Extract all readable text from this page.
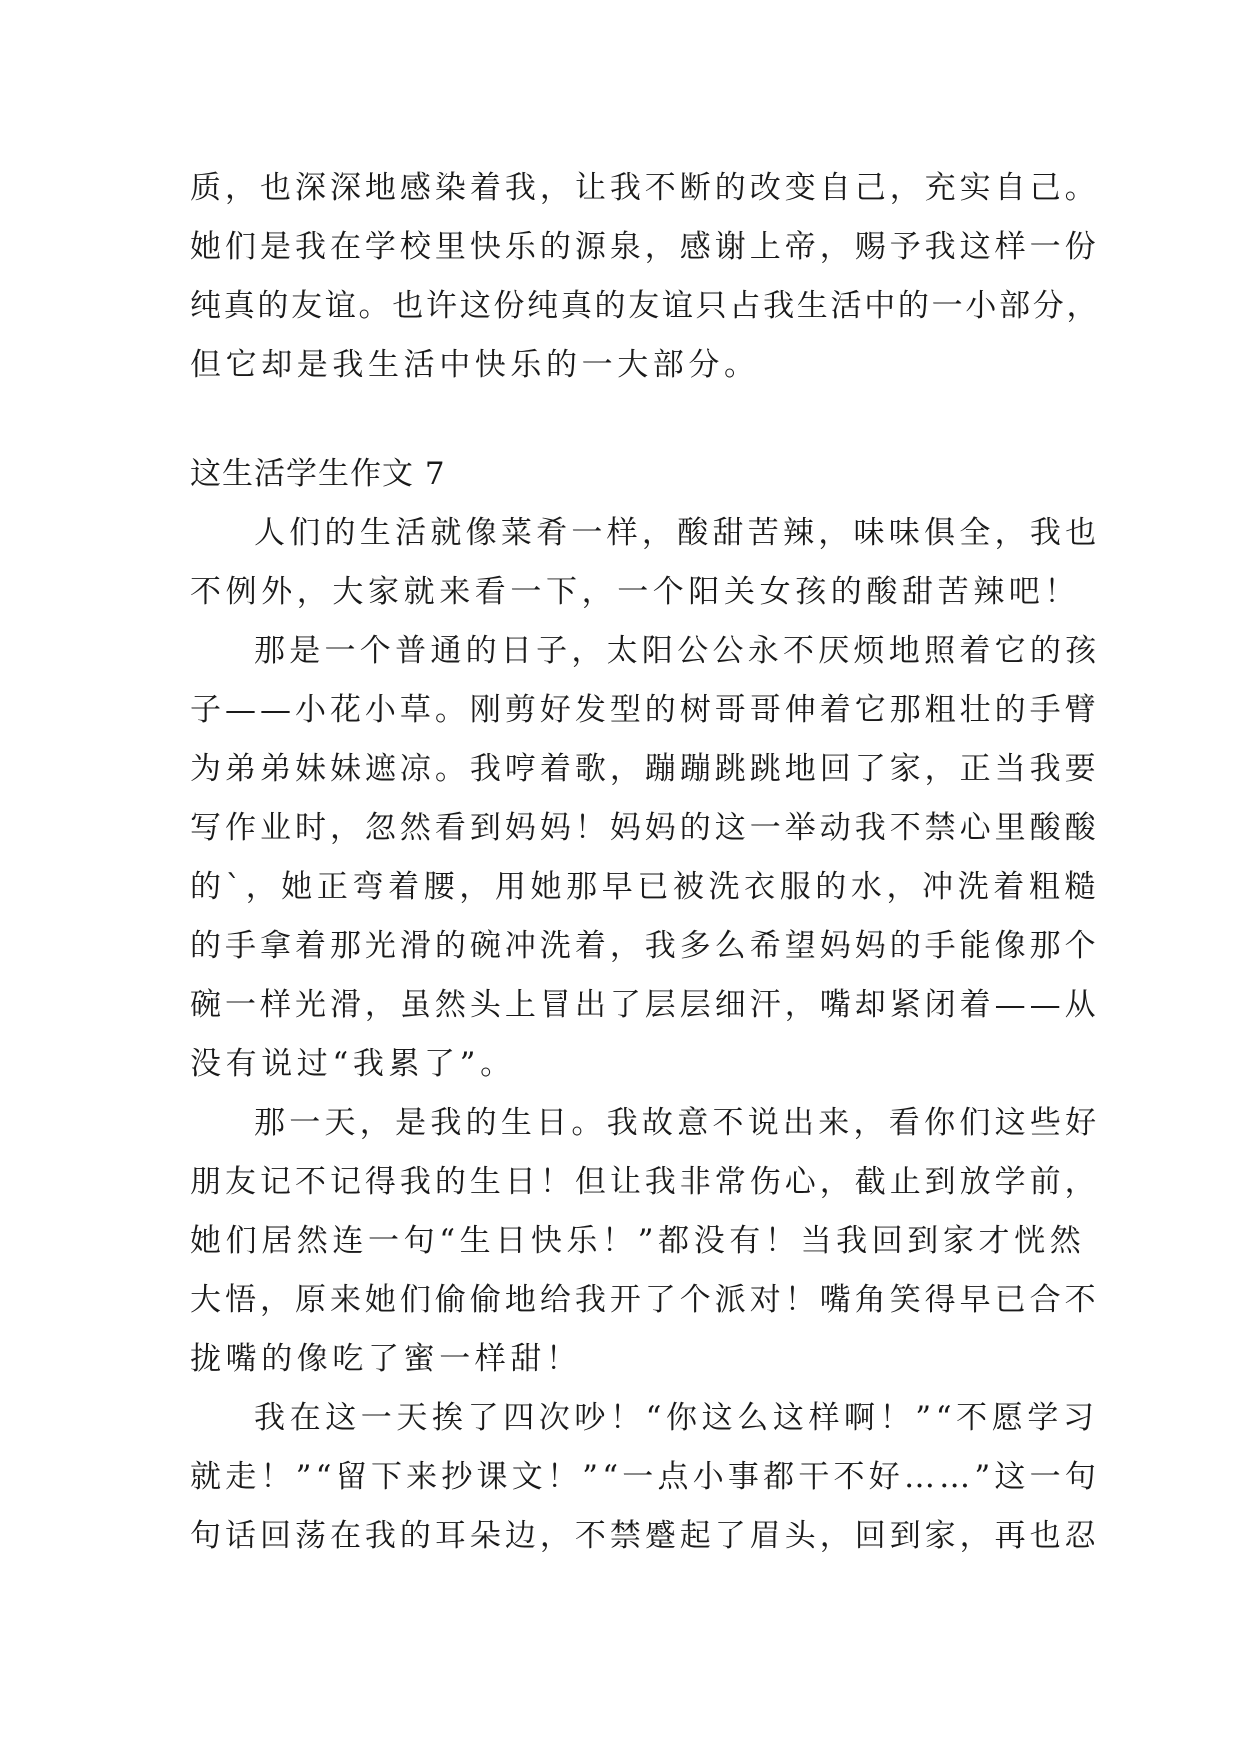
质，也深深地感染着我，让我不断的改变自己，充实自己。
她们是我在学校里快乐的源泉，感谢上帝，赐予我这样一份
纯真的友谊。也许这份纯真的友谊只占我生活中的一小部分，
但它却是我生活中快乐的一大部分。
这生活学生作文 7
人们的生活就像菜肴一样，酸甜苦辣，味味俱全，我也
不例外，大家就来看一下，一个阳关女孩的酸甜苦辣吧！
那是一个普通的日子，太阳公公永不厌烦地照着它的孩
子——小花小草。刚剪好发型的树哥哥伸着它那粗壮的手臂
为弟弟妹妹遮凉。我哼着歌，蹦蹦跳跳地回了家，正当我要
写作业时，忽然看到妈妈！妈妈的这一举动我不禁心里酸酸
的`，她正弯着腰，用她那早已被洗衣服的水，冲洗着粗糙
的手拿着那光滑的碗冲洗着，我多么希望妈妈的手能像那个
碗一样光滑，虽然头上冒出了层层细汗，嘴却紧闭着——从
没有说过“我累了”。
那一天，是我的生日。我故意不说出来，看你们这些好
朋友记不记得我的生日！但让我非常伤心，截止到放学前，
她们居然连一句“生日快乐！”都没有！当我回到家才恍然
大悟，原来她们偷偷地给我开了个派对！嘴角笑得早已合不
拢嘴的像吃了蜜一样甜！
我在这一天挨了四次吵！“你这么这样啊！”“不愿学习
就走！”“留下来抄课文！”“一点小事都干不好……”这一句
句话回荡在我的耳朵边，不禁蹙起了眉头，回到家，再也忍
